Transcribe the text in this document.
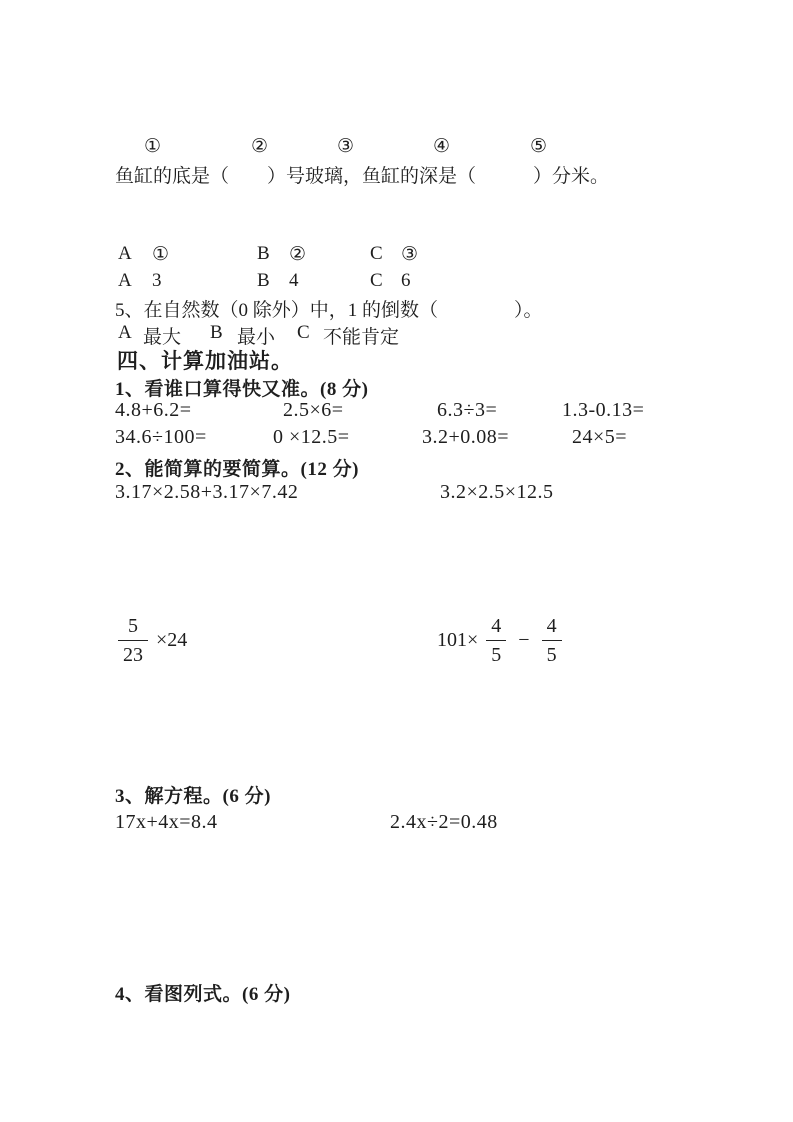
①	②	③	④	⑤
鱼缸的底是（　　）号玻璃，鱼缸的深是（　　　）分米。
A ①	B ②	C ③
A 3	B 4	C 6
5、在自然数（0 除外）中，1 的倒数（　　　　）。
A 最大 B 最小 C 不能肯定
四、计算加油站。
1、看谁口算得快又准。(8 分)
4.8+6.2=	2.5×6=	6.3÷3=	1.3-0.13=
34.6÷100=	0 ×12.5=	3.2+0.08=	24×5=
2、能简算的要简算。(12 分)
3.17×2.58+3.17×7.42	3.2×2.5×12.5
$\frac{5}{23} \times 24$	$101\times \frac{4}{5} - \frac{4}{5}$
3、解方程。(6 分)
17x+4x=8.4	2.4x÷2=0.48
4、看图列式。(6 分)
